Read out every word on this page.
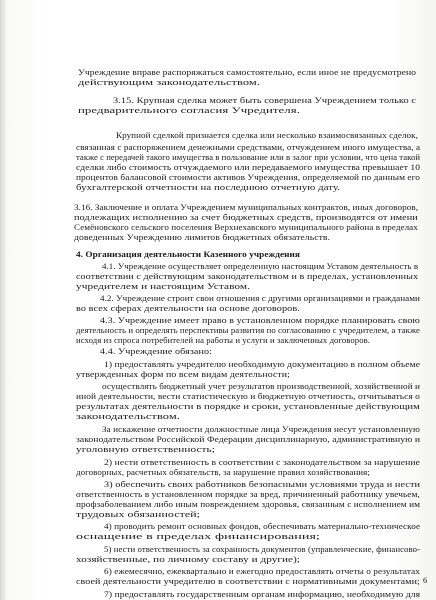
Учреждение вправе распоряжаться самостоятельно, если иное не предусмотрено
действующим законодательством.
3.15. Крупная сделка может быть совершена Учреждением только с
предварительного согласия Учредителя.
Крупной сделкой признается сделка или несколько взаимосвязанных сделок,
связанная с распоряжением денежными средствами, отчуждением иного имущества, а
также с передачей такого имущества в пользование или в залог при условии, что цена такой
сделки либо стоимость отчуждаемого или передаваемого имущества превышает 10
процентов балансовой стоимости активов Учреждения, определяемой по данным его
бухгалтерской отчетности на последнюю отчетную дату.
3.16. Заключение и оплата Учреждением муниципальных контрактов, иных договоров,
подлежащих исполнению за счет бюджетных средств, производятся от имени
Семёновского сельского поселения Верхнехавского муниципального района в пределах
доведенных Учреждению лимитов бюджетных обязательств.
4. Организация деятельности Казенного учреждения
4.1. Учреждение осуществляет определенную настоящим Уставом деятельность в
соответствии с действующим законодательством и в пределах, установленных
учредителем и настоящим Уставом.
4.2. Учреждение строит свои отношения с другими организациями и гражданами
во всех сферах деятельности на основе договоров.
4.3. Учреждение имеет право в установленном порядке планировать свою
деятельность и определять перспективы развития по согласованию с учредителем, а также
исходя из спроса потребителей на работы и услуги и заключенных договоров.
4.4. Учреждение обязано:
1) предоставлять учредителю необходимую документацию в полном объеме
утвержденных форм по всем видам деятельности;
осуществлять бюджетный учет результатов производственной, хозяйственной и
иной деятельности, вести статистическую и бюджетную отчетность, отчитываться о
результатах деятельности в порядке и сроки, установленные действующим
законодательством.
За искажение отчетности должностные лица Учреждения несут установленную
законодательством Российской Федерации дисциплинарную, административную и
уголовную ответственность;
2) нести ответственность в соответствии с законодательством за нарушение
договорных, расчетных обязательств, за нарушение правил хозяйствования;
3) обеспечить своих работников безопасными условиями труда и нести
ответственность в установленном порядке за вред, причиненный работнику увечьем,
профзаболеванием либо иным повреждением здоровья, связанным с исполнением им
трудовых обязанностей;
4) проводить ремонт основных фондов, обеспечивать материально-техническое
оснащение в пределах финансирования;
5) нести ответственность за сохранность документов (управленческие, финансово-
хозяйственные, по личному составу и другие);
6) ежемесячно, ежеквартально и ежегодно предоставлять отчеты о результатах
своей деятельности учредителю в соответствии с нормативными документами;
7) предоставлять государственным органам информацию, необходимую для
6
